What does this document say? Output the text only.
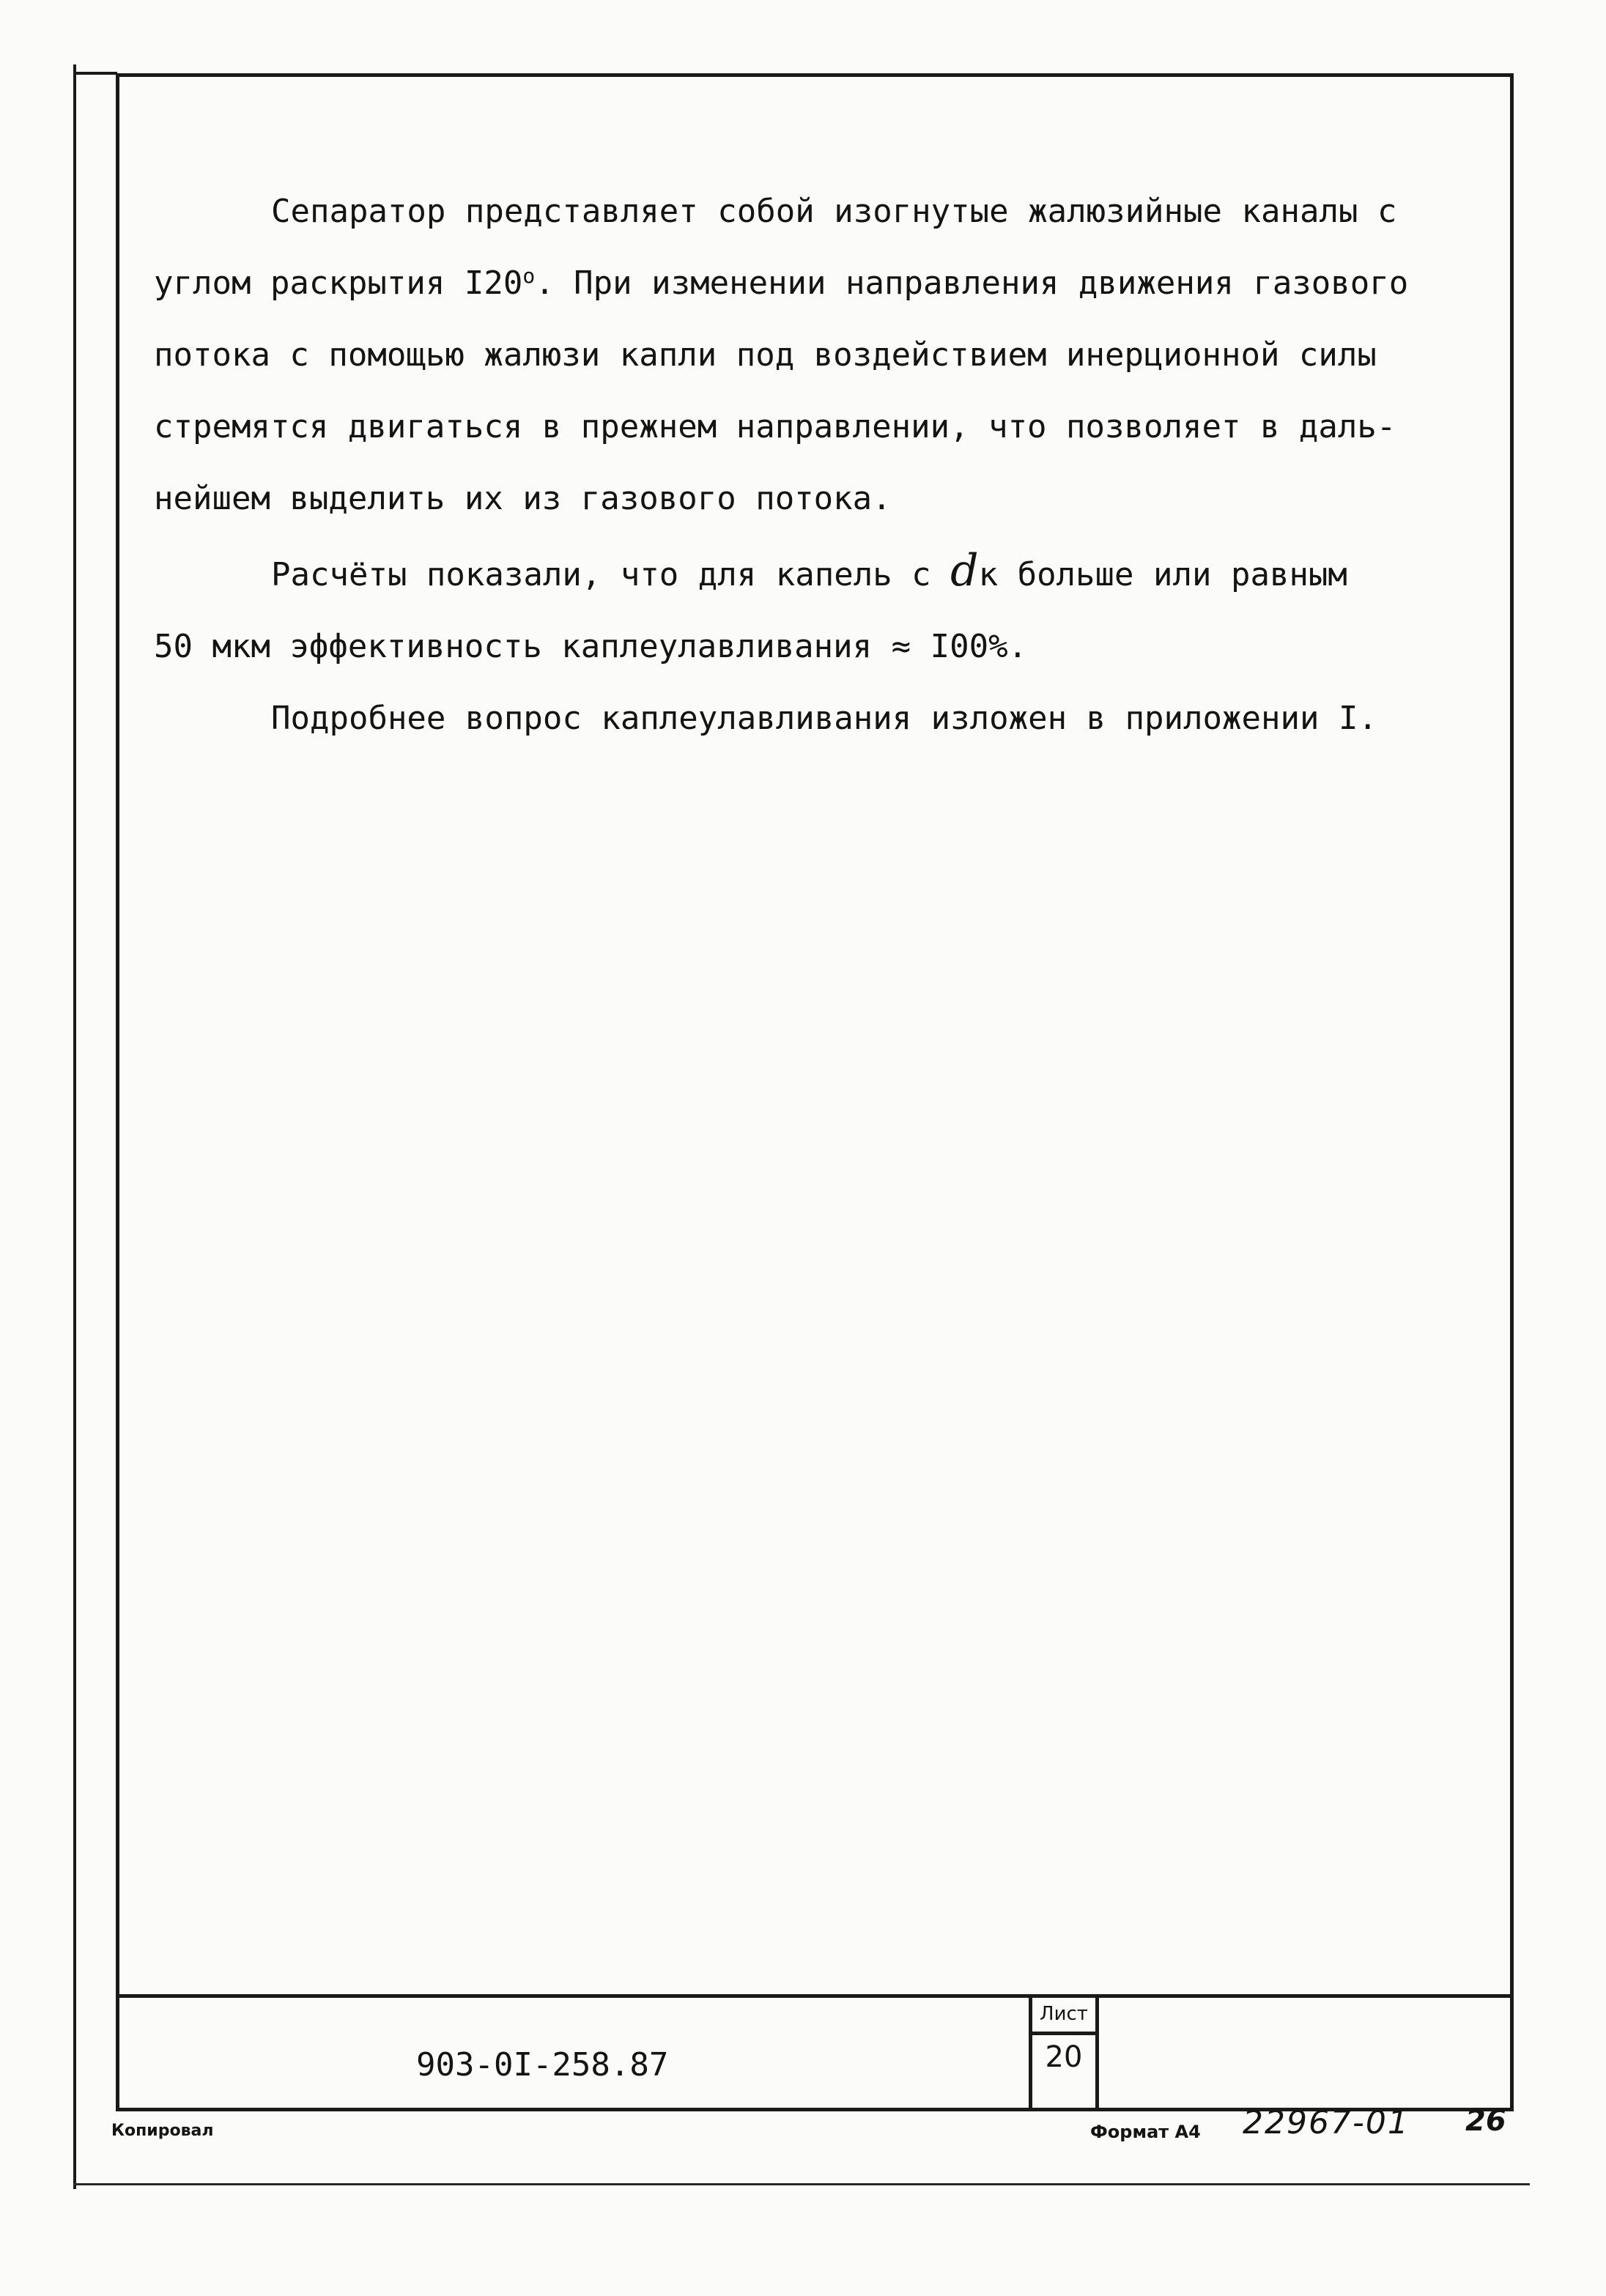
Сепаратор представляет собой изогнутые жалюзийные каналы с
углом раскрытия I20$^o$. При изменении направления движения газового
потока с помощью жалюзи капли под воздействием инерционной силы
стремятся двигаться в прежнем направлении, что позволяет в даль-
нейшем выделить их из газового потока.
Расчёты показали, что для капель с dк больше или равным
50 мкм эффективность каплеулавливания ≈ I00%.
Подробнее вопрос каплеулавливания изложен в приложении I.
903-0I-258.87
Лист
20
Копировал	Формат А4 22967-01 26
